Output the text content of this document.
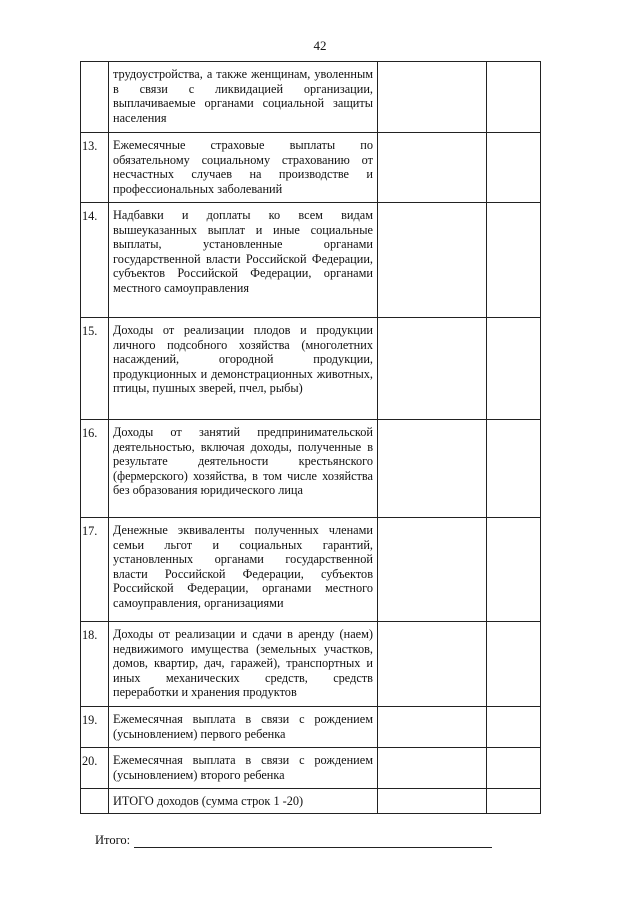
42
	трудоустройства, а также женщинам, уволенным в связи с ликвидацией организации, выплачиваемые органами социальной защиты населения		
13.	Ежемесячные страховые выплаты по обязательному социальному страхованию от несчастных случаев на производстве и профессиональных заболеваний		
14.	Надбавки и доплаты ко всем видам вышеуказанных выплат и иные социальные выплаты, установленные органами государственной власти Российской Федерации, субъектов Российской Федерации, органами местного самоуправления		
15.	Доходы от реализации плодов и продукции личного подсобного хозяйства (многолетних насаждений, огородной продукции, продукционных и демонстрационных животных, птицы, пушных зверей, пчел, рыбы)		
16.	Доходы от занятий предпринимательской деятельностью, включая доходы, полученные в результате деятельности крестьянского (фермерского) хозяйства, в том числе хозяйства без образования юридического лица		
17.	Денежные эквиваленты полученных членами семьи льгот и социальных гарантий, установленных органами государственной власти Российской Федерации, субъектов Российской Федерации, органами местного самоуправления, организациями		
18.	Доходы от реализации и сдачи в аренду (наем) недвижимого имущества (земельных участков, домов, квартир, дач, гаражей), транспортных и иных механических средств, средств переработки и хранения продуктов		
19.	Ежемесячная выплата в связи с рождением (усыновлением) первого ребенка		
20.	Ежемесячная выплата в связи с рождением (усыновлением) второго ребенка		
	ИТОГО доходов (сумма строк 1 -20)		
Итого:
